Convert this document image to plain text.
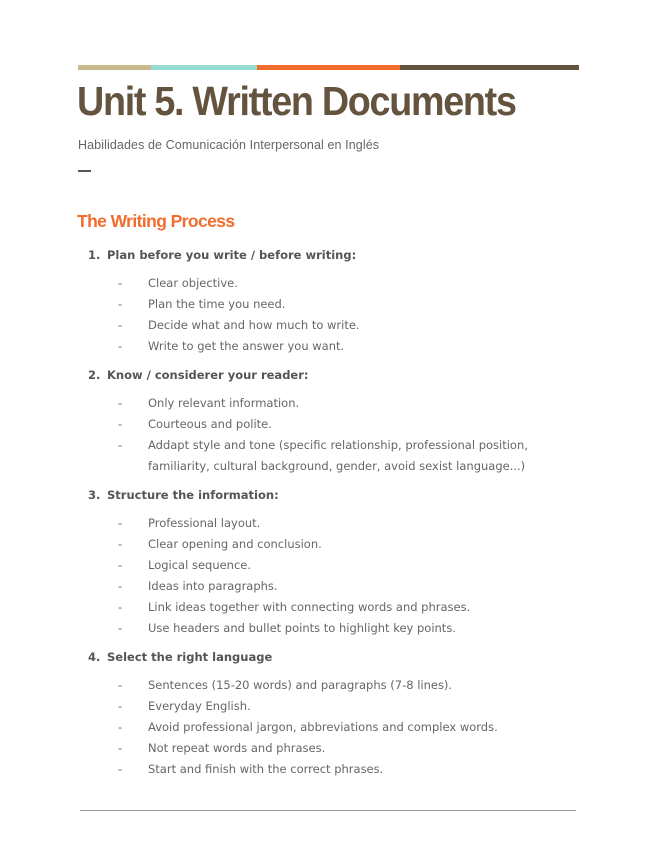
Unit 5. Written Documents

Habilidades de Comunicación Interpersonal en Inglés

The Writing Process
1. Plan before you write / before writing:
-	Clear objective.
-	Plan the time you need.
-	Decide what and how much to write.
-	Write to get the answer you want.
2. Know / considerer your reader:
-	Only relevant information.
-	Courteous and polite.
-	Addapt style and tone (specific relationship, professional position, familiarity, cultural background, gender, avoid sexist language...)
3. Structure the information:
-	Professional layout.
-	Clear opening and conclusion.
-	Logical sequence.
-	Ideas into paragraphs.
-	Link ideas together with connecting words and phrases.
-	Use headers and bullet points to highlight key points.
4. Select the right language
-	Sentences (15-20 words) and paragraphs (7-8 lines).
-	Everyday English.
-	Avoid professional jargon, abbreviations and complex words.
-	Not repeat words and phrases.
-	Start and finish with the correct phrases.
